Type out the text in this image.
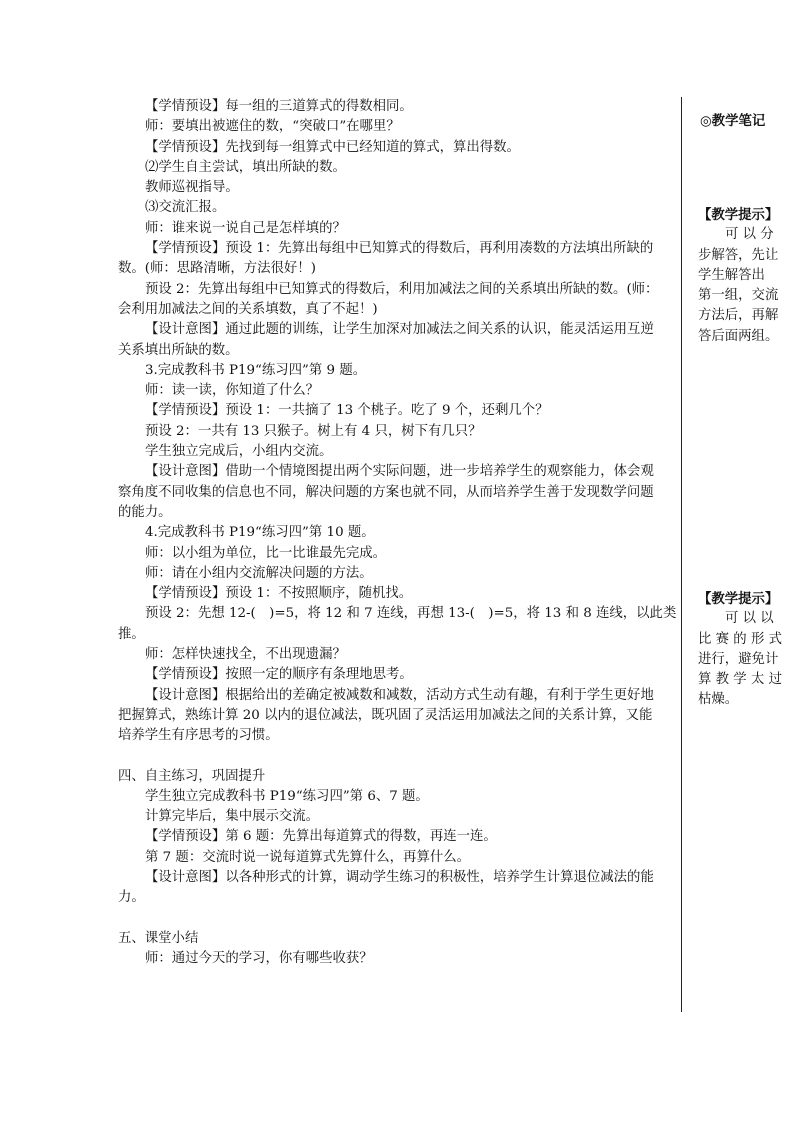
【学情预设】每一组的三道算式的得数相同。

师：要填出被遮住的数，“突破口”在哪里？

【学情预设】先找到每一组算式中已经知道的算式，算出得数。

⑵学生自主尝试，填出所缺的数。

教师巡视指导。

⑶交流汇报。

师：谁来说一说自己是怎样填的？

【学情预设】预设 1：先算出每组中已知算式的得数后，再利用凑数的方法填出所缺的

数。(师：思路清晰，方法很好！)

预设 2：先算出每组中已知算式的得数后，利用加减法之间的关系填出所缺的数。(师：

会利用加减法之间的关系填数，真了不起！)

【设计意图】通过此题的训练，让学生加深对加减法之间关系的认识，能灵活运用互逆

关系填出所缺的数。

3.完成教科书 P19“练习四”第 9 题。

师：读一读，你知道了什么？

【学情预设】预设 1：一共摘了 13 个桃子。吃了 9 个，还剩几个？

预设 2：一共有 13 只猴子。树上有 4 只，树下有几只？

学生独立完成后，小组内交流。

【设计意图】借助一个情境图提出两个实际问题，进一步培养学生的观察能力，体会观

察角度不同收集的信息也不同，解决问题的方案也就不同，从而培养学生善于发现数学问题

的能力。

4.完成教科书 P19“练习四”第 10 题。

师：以小组为单位，比一比谁最先完成。

师：请在小组内交流解决问题的方法。

【学情预设】预设 1：不按照顺序，随机找。

预设 2：先想 12-(　)=5，将 12 和 7 连线，再想 13-(　)=5，将 13 和 8 连线，以此类

推。

师：怎样快速找全，不出现遗漏？

【学情预设】按照一定的顺序有条理地思考。

【设计意图】根据给出的差确定被减数和减数，活动方式生动有趣，有利于学生更好地

把握算式，熟练计算 20 以内的退位减法，既巩固了灵活运用加减法之间的关系计算，又能

培养学生有序思考的习惯。

四、自主练习，巩固提升

学生独立完成教科书 P19“练习四”第 6、7 题。

计算完毕后，集中展示交流。

【学情预设】第 6 题：先算出每道算式的得数，再连一连。

第 7 题：交流时说一说每道算式先算什么，再算什么。

【设计意图】以各种形式的计算，调动学生练习的积极性，培养学生计算退位减法的能

力。

五、课堂小结

师：通过今天的学习，你有哪些收获？

◎教学笔记
【教学提示】
可 以 分
步解答，先让
学生解答出
第一组，交流
方法后，再解
答后面两组。
【教学提示】
可 以 以
比 赛 的 形 式
进行，避免计
算 教 学 太 过
枯燥。
